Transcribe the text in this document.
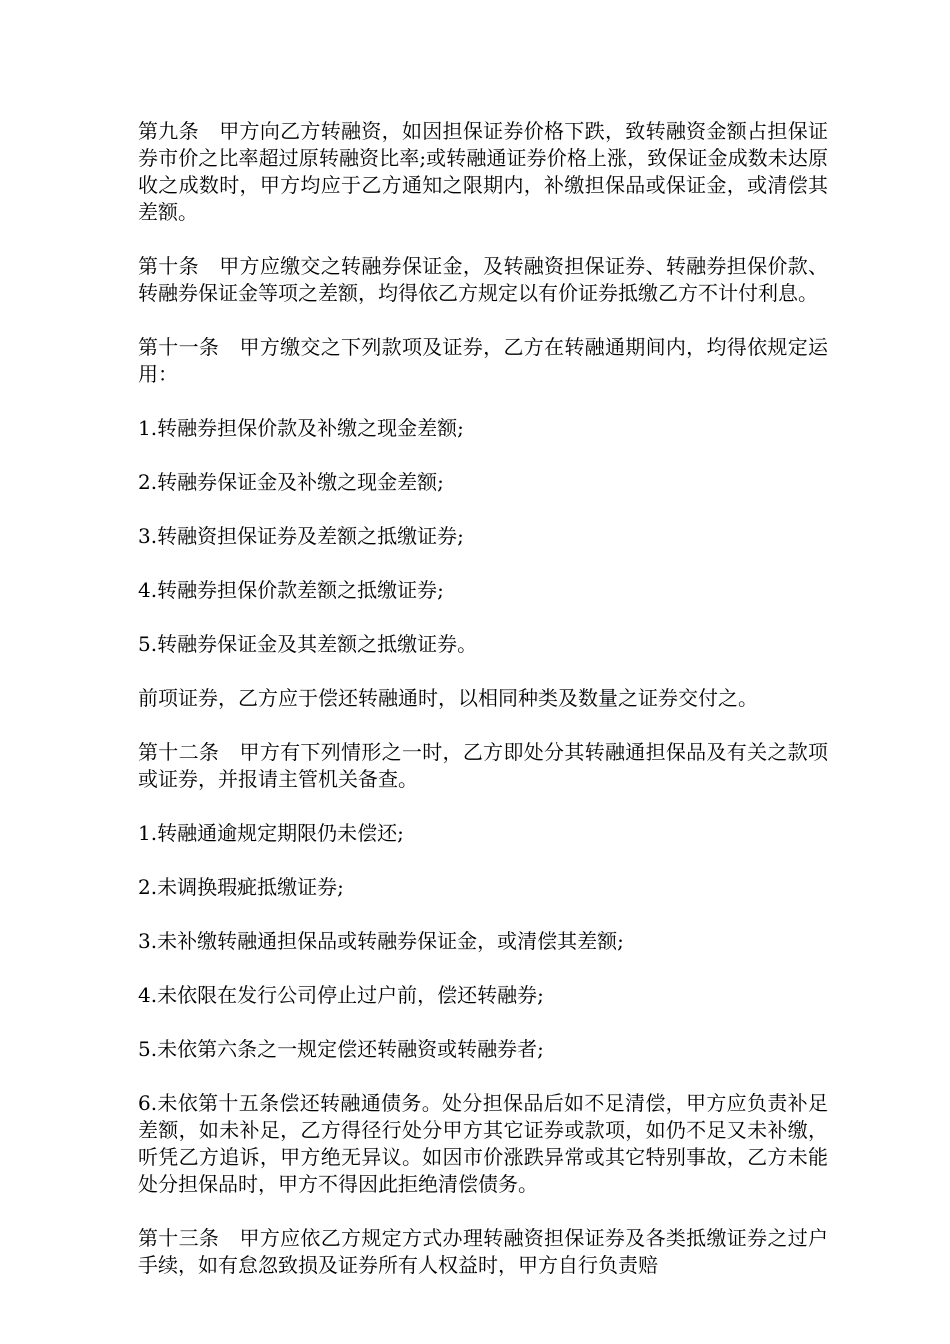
第九条　甲方向乙方转融资，如因担保证券价格下跌，致转融资金额占担保证券市价之比率超过原转融资比率;或转融通证券价格上涨，致保证金成数未达原收之成数时，甲方均应于乙方通知之限期内，补缴担保品或保证金，或清偿其差额。

第十条　甲方应缴交之转融券保证金，及转融资担保证券、转融券担保价款、转融券保证金等项之差额，均得依乙方规定以有价证券抵缴乙方不计付利息。

第十一条　甲方缴交之下列款项及证券，乙方在转融通期间内，均得依规定运用：

1.转融券担保价款及补缴之现金差额;

2.转融券保证金及补缴之现金差额;

3.转融资担保证券及差额之抵缴证券;

4.转融券担保价款差额之抵缴证券;

5.转融券保证金及其差额之抵缴证券。

前项证券，乙方应于偿还转融通时，以相同种类及数量之证券交付之。

第十二条　甲方有下列情形之一时，乙方即处分其转融通担保品及有关之款项或证券，并报请主管机关备查。

1.转融通逾规定期限仍未偿还;

2.未调换瑕疵抵缴证券;

3.未补缴转融通担保品或转融券保证金，或清偿其差额;

4.未依限在发行公司停止过户前，偿还转融券;

5.未依第六条之一规定偿还转融资或转融券者;

6.未依第十五条偿还转融通债务。处分担保品后如不足清偿，甲方应负责补足差额，如未补足，乙方得径行处分甲方其它证券或款项，如仍不足又未补缴，听凭乙方追诉，甲方绝无异议。如因市价涨跌异常或其它特别事故，乙方未能处分担保品时，甲方不得因此拒绝清偿债务。

第十三条　甲方应依乙方规定方式办理转融资担保证券及各类抵缴证券之过户手续，如有怠忽致损及证券所有人权益时，甲方自行负责赔
